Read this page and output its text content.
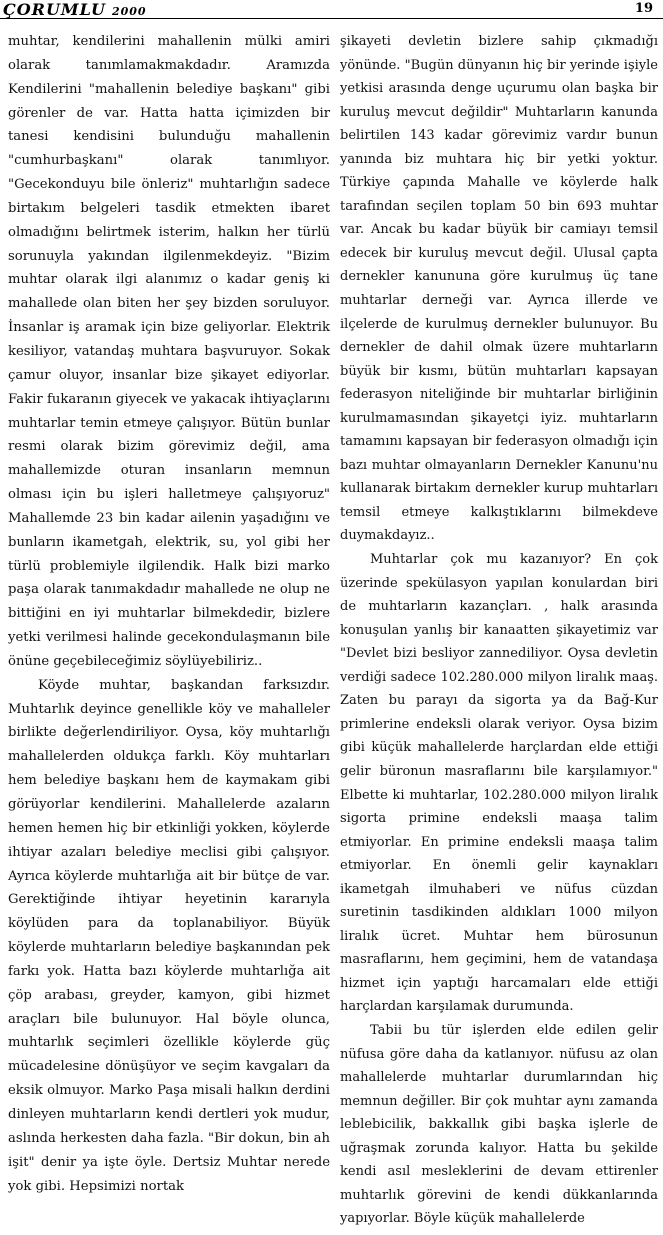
ÇORUMLU 2000	19

muhtar, kendilerini mahallenin mülki amiri olarak tanımlamakmakdadır. Aramızda Kendilerini "mahallenin belediye başkanı" gibi görenler de var. Hatta hatta içimizden bir tanesi kendisini bulunduğu mahallenin "cumhurbaşkanı" olarak tanımlıyor. "Gecekonduyu bile önleriz" muhtarlığın sadece birtakım belgeleri tasdik etmekten ibaret olmadığını belirtmek isterim, halkın her türlü sorunuyla yakından ilgilenmekdeyiz. "Bizim muhtar olarak ilgi alanımız o kadar geniş ki mahallede olan biten her şey bizden soruluyor. İnsanlar iş aramak için bize geliyorlar. Elektrik kesiliyor, vatandaş muhtara başvuruyor. Sokak çamur oluyor, insanlar bize şikayet ediyorlar. Fakir fukaranın giyecek ve yakacak ihtiyaçlarını muhtarlar temin etmeye çalışıyor. Bütün bunlar resmi olarak bizim görevimiz değil, ama mahallemizde oturan insanların memnun olması için bu işleri halletmeye çalışıyoruz" Mahallemde 23 bin kadar ailenin yaşadığını ve bunların ikametgah, elektrik, su, yol gibi her türlü problemiyle ilgilendik. Halk bizi marko paşa olarak tanımakdadır mahallede ne olup ne bittiğini en iyi muhtarlar bilmekdedir, bizlere yetki verilmesi halinde gecekondulaşmanın bile önüne geçebileceğimiz söylüyebiliriz..

Köyde muhtar, başkandan farksızdır. Muhtarlık deyince genellikle köy ve mahalleler birlikte değerlendiriliyor. Oysa, köy muhtarlığı mahallelerden oldukça farklı. Köy muhtarları hem belediye başkanı hem de kaymakam gibi görüyorlar kendilerini. Mahallelerde azaların hemen hemen hiç bir etkinliği yokken, köylerde ihtiyar azaları belediye meclisi gibi çalışıyor. Ayrıca köylerde muhtarlığa ait bir bütçe de var. Gerektiğinde ihtiyar heyetinin kararıyla köylüden para da toplanabiliyor. Büyük köylerde muhtarların belediye başkanından pek farkı yok. Hatta bazı köylerde muhtarlığa ait çöp arabası, greyder, kamyon, gibi hizmet araçları bile bulunuyor. Hal böyle olunca, muhtarlık seçimleri özellikle köylerde güç mücadelesine dönüşüyor ve seçim kavgaları da eksik olmuyor. Marko Paşa misali halkın derdini dinleyen muhtarların kendi dertleri yok mudur, aslında herkesten daha fazla. "Bir dokun, bin ah işit" denir ya işte öyle. Dertsiz Muhtar nerede yok gibi. Hepsimizi nortak

şikayeti devletin bizlere sahip çıkmadığı yönünde. "Bugün dünyanın hiç bir yerinde işiyle yetkisi arasında denge uçurumu olan başka bir kuruluş mevcut değildir" Muhtarların kanunda belirtilen 143 kadar görevimiz vardır bunun yanında biz muhtara hiç bir yetki yoktur. Türkiye çapında Mahalle ve köylerde halk tarafından seçilen toplam 50 bin 693 muhtar var. Ancak bu kadar büyük bir camiayı temsil edecek bir kuruluş mevcut değil. Ulusal çapta dernekler kanununa göre kurulmuş üç tane muhtarlar derneği var. Ayrıca illerde ve ilçelerde de kurulmuş dernekler bulunuyor. Bu dernekler de dahil olmak üzere muhtarların büyük bir kısmı, bütün muhtarları kapsayan federasyon niteliğinde bir muhtarlar birliğinin kurulmamasından şikayetçi iyiz. muhtarların tamamını kapsayan bir federasyon olmadığı için bazı muhtar olmayanların Dernekler Kanunu'nu kullanarak birtakım dernekler kurup muhtarları temsil etmeye kalkıştıklarını bilmekdeve duymakdayız..

Muhtarlar çok mu kazanıyor? En çok üzerinde spekülasyon yapılan konulardan biri de muhtarların kazançları. , halk arasında konuşulan yanlış bir kanaatten şikayetimiz var "Devlet bizi besliyor zannediliyor. Oysa devletin verdiği sadece 102.280.000 milyon liralık maaş. Zaten bu parayı da sigorta ya da Bağ-Kur primlerine endeksli olarak veriyor. Oysa bizim gibi küçük mahallelerde harçlardan elde ettiği gelir büronun masraflarını bile karşılamıyor." Elbette ki muhtarlar, 102.280.000 milyon liralık sigorta primine endeksli maaşa talim etmiyorlar. En primine endeksli maaşa talim etmiyorlar. En önemli gelir kaynakları ikametgah ilmuhaberi ve nüfus cüzdan suretinin tasdikinden aldıkları 1000 milyon liralık ücret. Muhtar hem bürosunun masraflarını, hem geçimini, hem de vatandaşa hizmet için yaptığı harcamaları elde ettiği harçlardan karşılamak durumunda.

Tabii bu tür işlerden elde edilen gelir nüfusa göre daha da katlanıyor. nüfusu az olan mahallelerde muhtarlar durumlarından hiç memnun değiller. Bir çok muhtar aynı zamanda leblebicilik, bakkallık gibi başka işlerle de uğraşmak zorunda kalıyor. Hatta bu şekilde kendi asıl mesleklerini de devam ettirenler muhtarlık görevini de kendi dükkanlarında yapıyorlar. Böyle küçük mahallelerde
